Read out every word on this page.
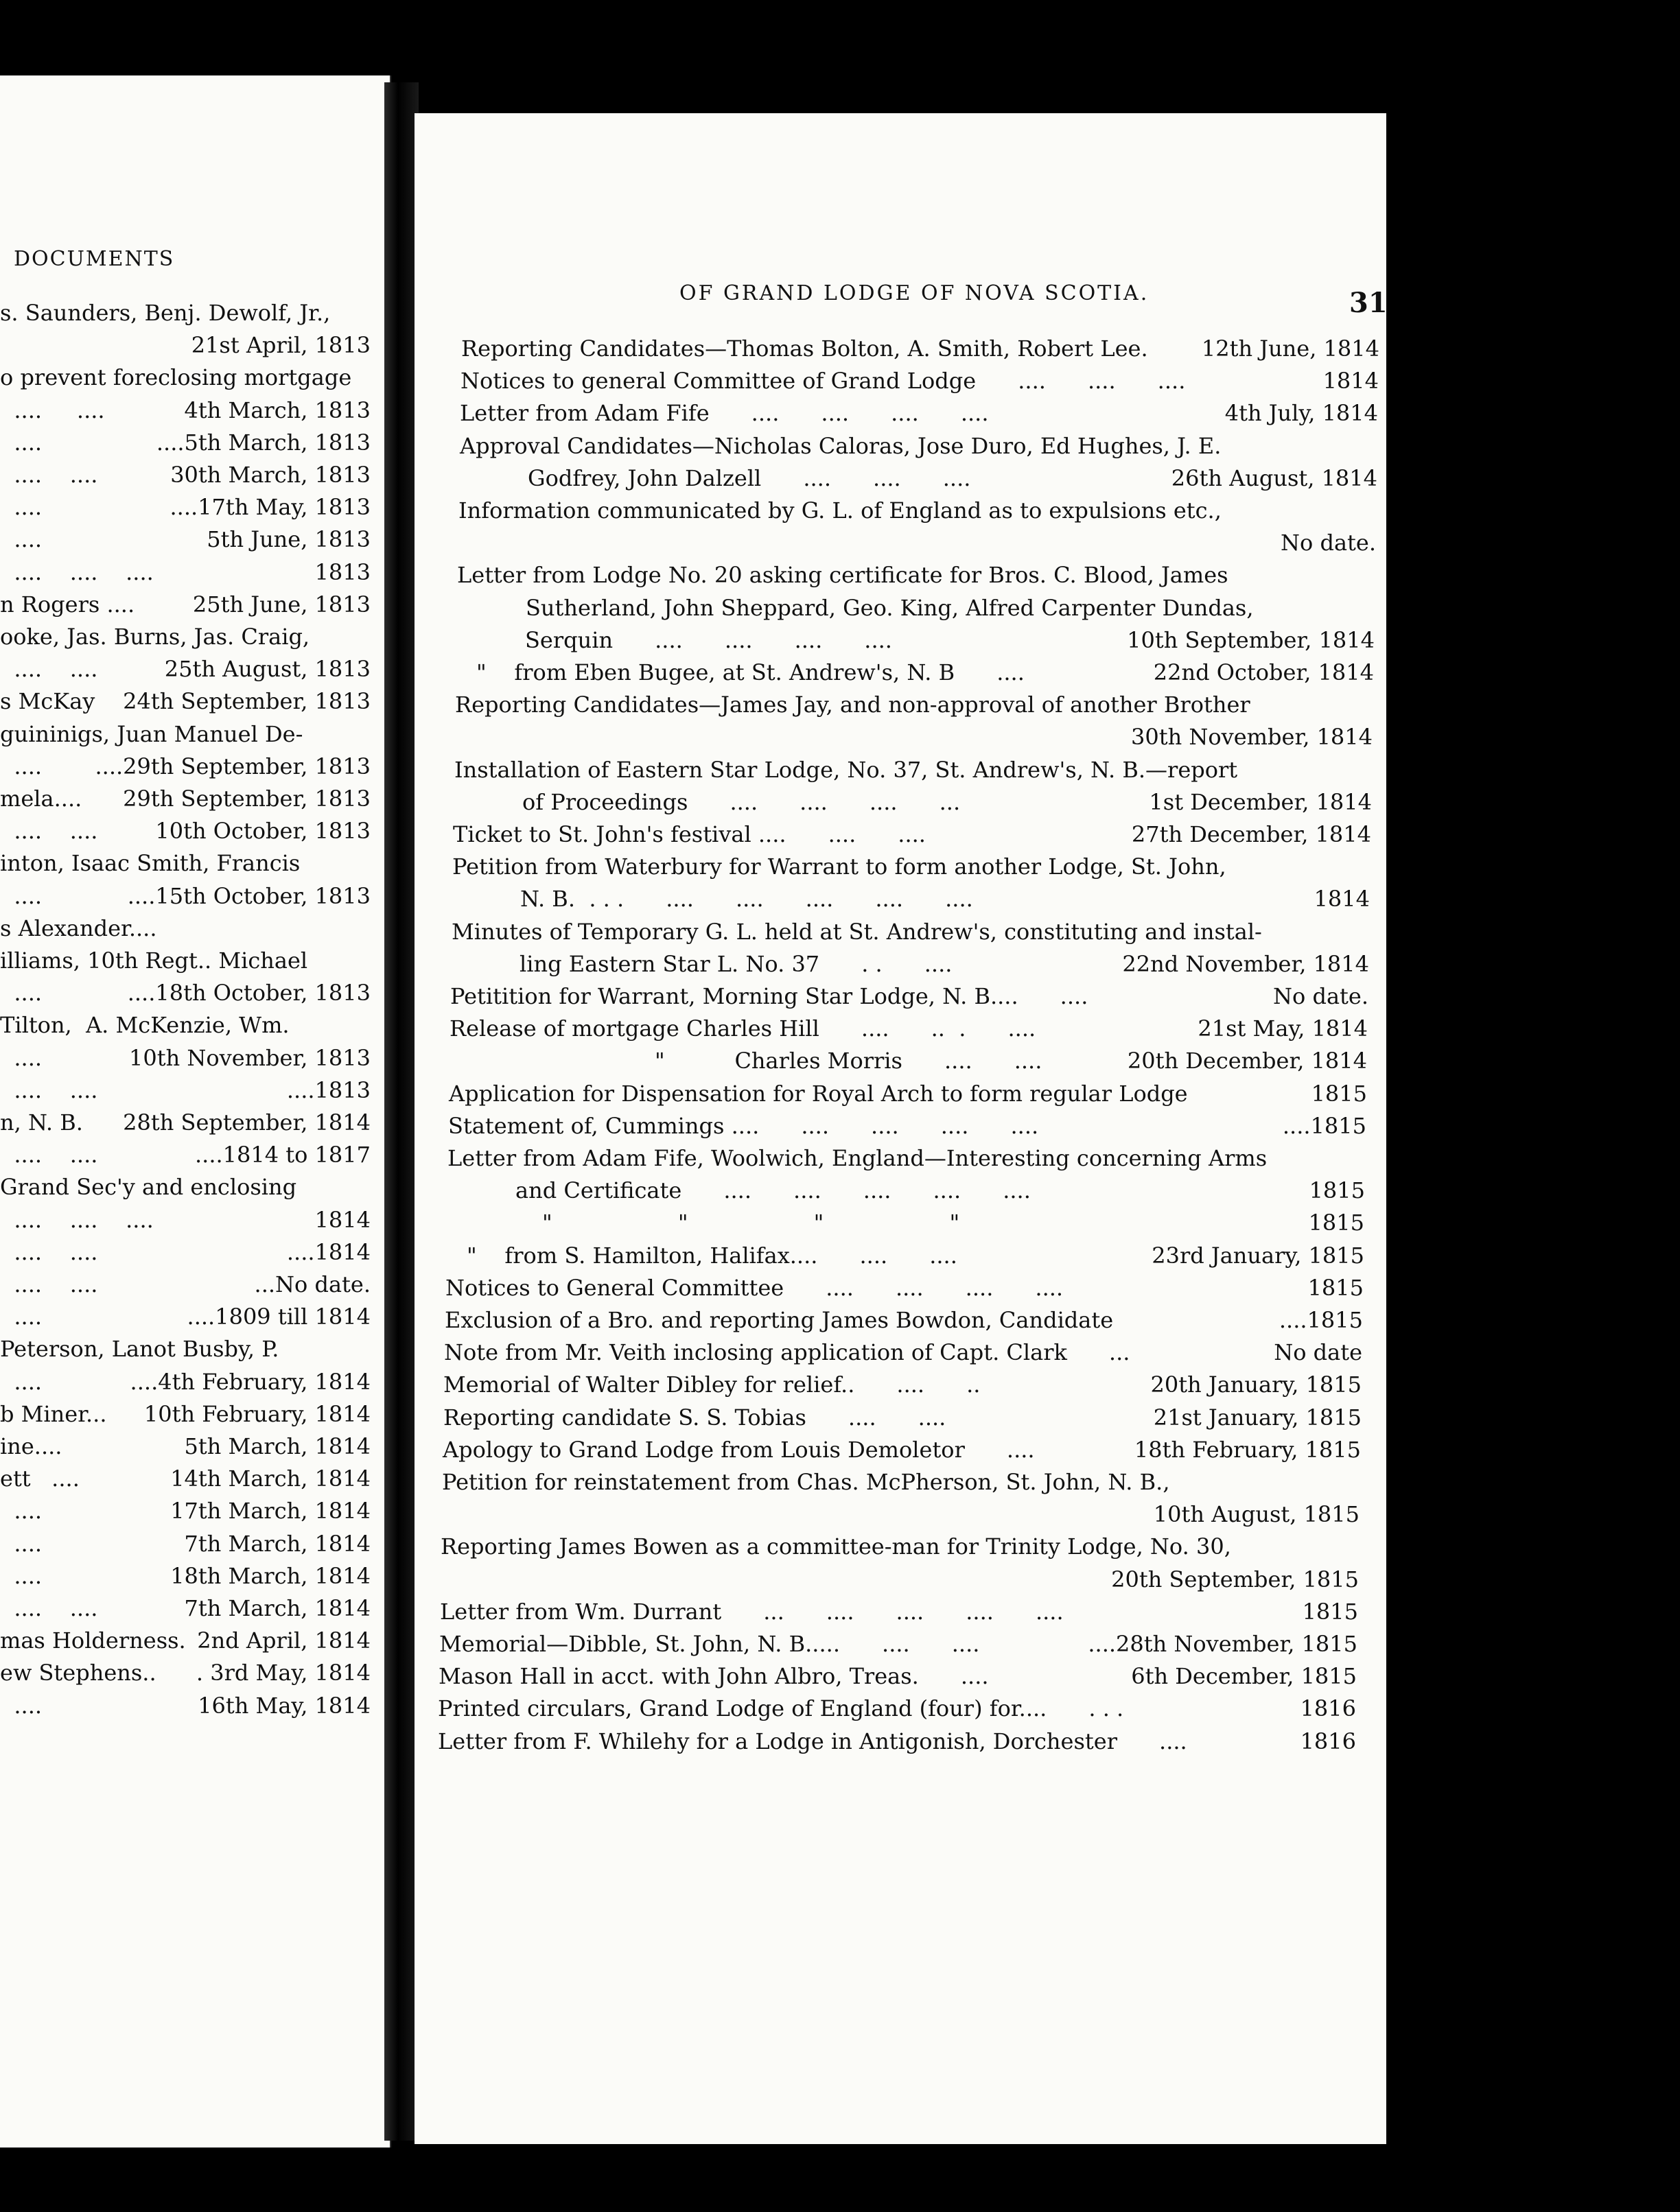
DOCUMENTS
s. Saunders, Benj. Dewolf, Jr.,
21st April, 1813
o prevent foreclosing mortgage
....     ....	4th March, 1813
....	....5th March, 1813
....    ....	30th March, 1813
....	....17th May, 1813
....	5th June, 1813
....    ....    ....	1813
n Rogers ....	25th June, 1813
ooke, Jas. Burns, Jas. Craig,
....    ....	25th August, 1813
s McKay 24th September, 1813
guininigs, Juan Manuel De-
.... ....29th September, 1813
mela.... 29th September, 1813
....    ....	10th October, 1813
inton, Isaac Smith, Francis
....	....15th October, 1813
s Alexander....
illiams, 10th Regt.. Michael
....	....18th October, 1813
Tilton,  A. McKenzie, Wm.
....	10th November, 1813
....    ....	....1813
n, N. B. 28th September, 1814
....    ....	....1814 to 1817
Grand Sec'y and enclosing
....    ....    ....	1814
....    ....	....1814
....    ....	...No date.
....	....1809 till 1814
Peterson, Lanot Busby, P.
....	....4th February, 1814
b Miner... 10th February, 1814
ine....	5th March, 1814
ett   ....	14th March, 1814
....	17th March, 1814
....	7th March, 1814
....	18th March, 1814
....    ....	7th March, 1814
mas Holderness. 2nd April, 1814
ew Stephens.. . 3rd May, 1814
....	16th May, 1814
OF GRAND LODGE OF NOVA SCOTIA.	31
Reporting Candidates—Thomas Bolton, A. Smith, Robert Lee. 12th June, 1814
Notices to general Committee of Grand Lodge      ....      ....      ....	1814
Letter from Adam Fife      ....      ....      ....      ....	4th July, 1814
Approval Candidates—Nicholas Caloras, Jose Duro, Ed Hughes, J. E.
Godfrey, John Dalzell      ....      ....      ....	26th August, 1814
Information communicated by G. L. of England as to expulsions etc.,
No date.
Letter from Lodge No. 20 asking certificate for Bros. C. Blood, James
Sutherland, John Sheppard, Geo. King, Alfred Carpenter Dundas,
Serquin      ....      ....      ....      ....	10th September, 1814
"    from Eben Bugee, at St. Andrew's, N. B      ....	22nd October, 1814
Reporting Candidates—James Jay, and non-approval of another Brother
30th November, 1814
Installation of Eastern Star Lodge, No. 37, St. Andrew's, N. B.—report
of Proceedings      ....      ....      ....      ...	1st December, 1814
Ticket to St. John's festival ....      ....      ....	27th December, 1814
Petition from Waterbury for Warrant to form another Lodge, St. John,
N. B.  . . .      ....      ....      ....      ....      ....	1814
Minutes of Temporary G. L. held at St. Andrew's, constituting and instal-
ling Eastern Star L. No. 37      . .      ....	22nd November, 1814
Petitition for Warrant, Morning Star Lodge, N. B....      ....	No date.
Release of mortgage Charles Hill      ....      ..  .      ....	21st May, 1814
"          Charles Morris      ....      ....	20th December, 1814
Application for Dispensation for Royal Arch to form regular Lodge	1815
Statement of, Cummings ....      ....      ....      ....      ....	....1815
Letter from Adam Fife, Woolwich, England—Interesting concerning Arms
and Certificate      ....      ....      ....      ....      ....	1815
"                  "                  "                  "	1815
"    from S. Hamilton, Halifax....      ....      ....	23rd January, 1815
Notices to General Committee      ....      ....      ....      ....	1815
Exclusion of a Bro. and reporting James Bowdon, Candidate	....1815
Note from Mr. Veith inclosing application of Capt. Clark      ...	No date
Memorial of Walter Dibley for relief..      ....      ..	20th January, 1815
Reporting candidate S. S. Tobias      ....      ....	21st January, 1815
Apology to Grand Lodge from Louis Demoletor      ....	18th February, 1815
Petition for reinstatement from Chas. McPherson, St. John, N. B.,
10th August, 1815
Reporting James Bowen as a committee-man for Trinity Lodge, No. 30,
20th September, 1815
Letter from Wm. Durrant      ...      ....      ....      ....      ....	1815
Memorial—Dibble, St. John, N. B.....      ....      ....	....28th November, 1815
Mason Hall in acct. with John Albro, Treas.      ....	6th December, 1815
Printed circulars, Grand Lodge of England (four) for....      . . .	1816
Letter from F. Whilehy for a Lodge in Antigonish, Dorchester      ....	1816
